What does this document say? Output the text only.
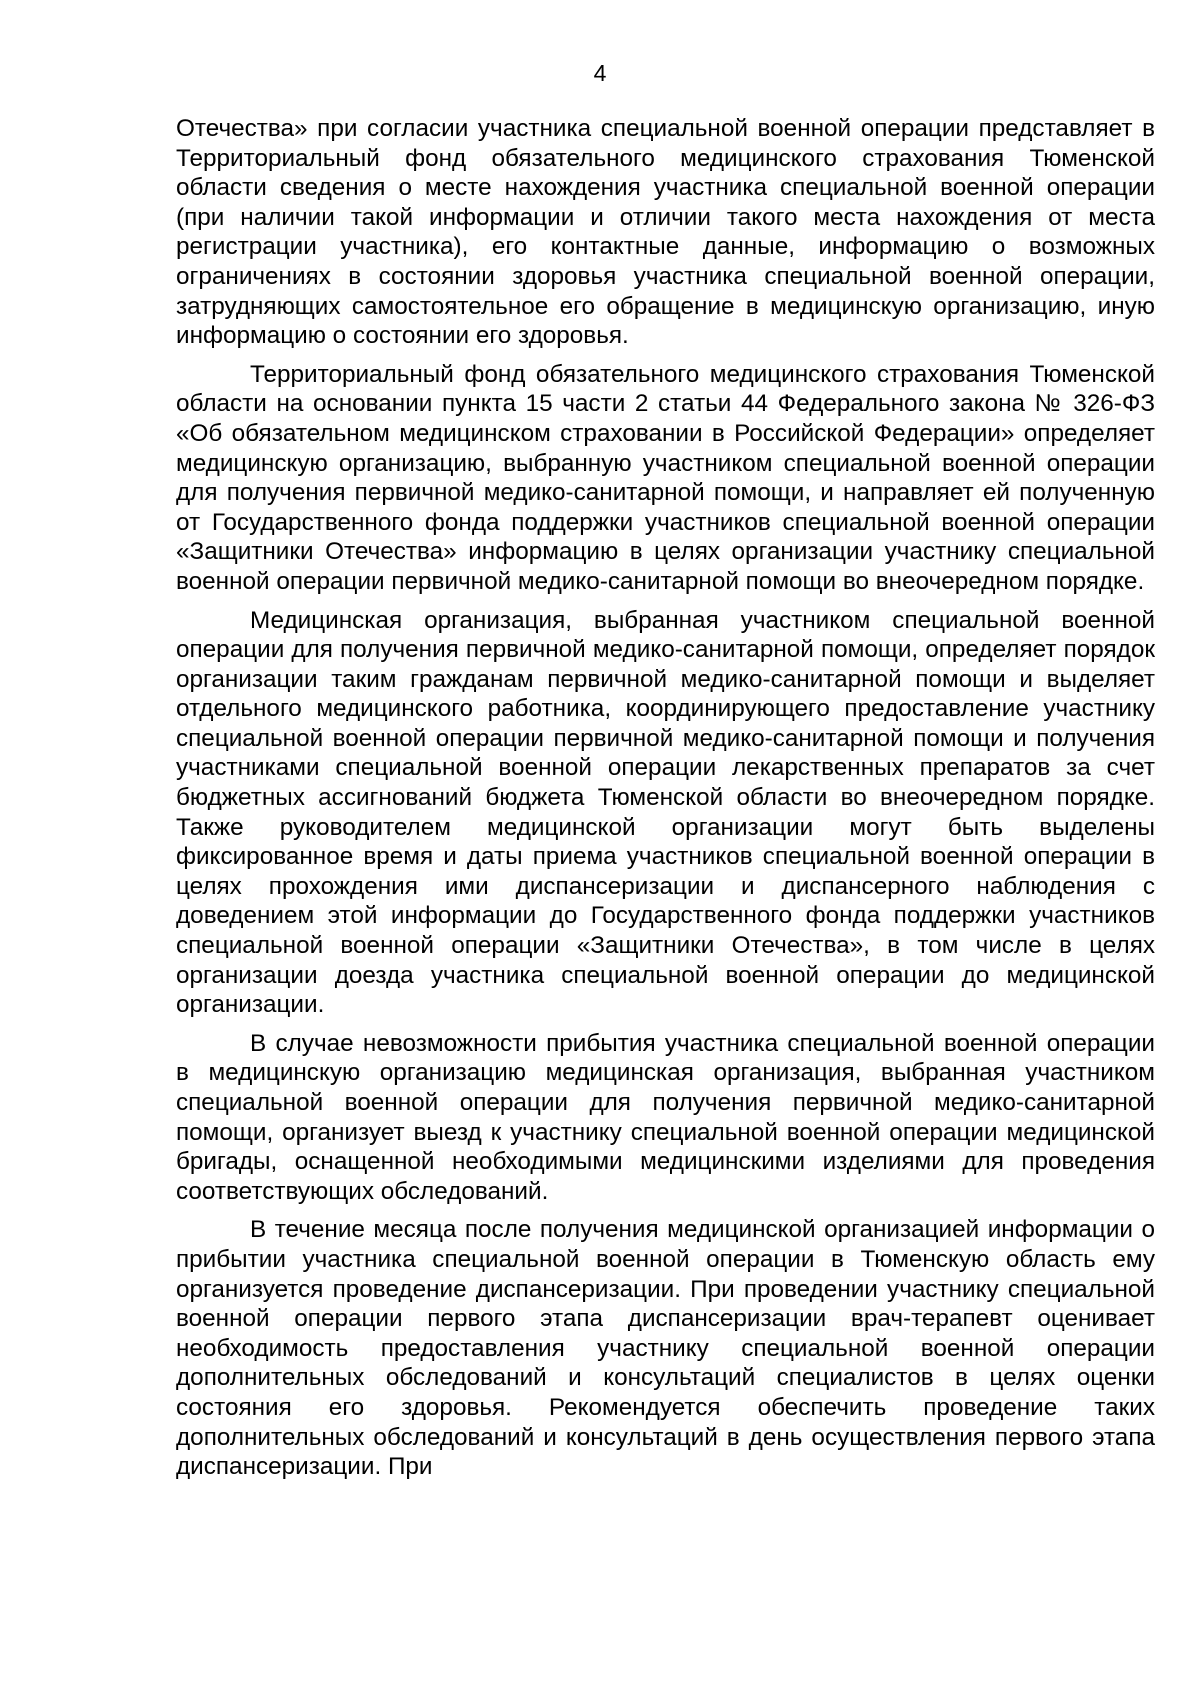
4

Отечества» при согласии участника специальной военной операции представляет в Территориальный фонд обязательного медицинского страхования Тюменской области сведения о месте нахождения участника специальной военной операции (при наличии такой информации и отличии такого места нахождения от места регистрации участника), его контактные данные, информацию о возможных ограничениях в состоянии здоровья участника специальной военной операции, затрудняющих самостоятельное его обращение в медицинскую организацию, иную информацию о состоянии его здоровья.

Территориальный фонд обязательного медицинского страхования Тюменской области на основании пункта 15 части 2 статьи 44 Федерального закона № 326-ФЗ «Об обязательном медицинском страховании в Российской Федерации» определяет медицинскую организацию, выбранную участником специальной военной операции для получения первичной медико-санитарной помощи, и направляет ей полученную от Государственного фонда поддержки участников специальной военной операции «Защитники Отечества» информацию в целях организации участнику специальной военной операции первичной медико-санитарной помощи во внеочередном порядке.

Медицинская организация, выбранная участником специальной военной операции для получения первичной медико-санитарной помощи, определяет порядок организации таким гражданам первичной медико-санитарной помощи и выделяет отдельного медицинского работника, координирующего предоставление участнику специальной военной операции первичной медико-санитарной помощи и получения участниками специальной военной операции лекарственных препаратов за счет бюджетных ассигнований бюджета Тюменской области во внеочередном порядке. Также руководителем медицинской организации могут быть выделены фиксированное время и даты приема участников специальной военной операции в целях прохождения ими диспансеризации и диспансерного наблюдения с доведением этой информации до Государственного фонда поддержки участников специальной военной операции «Защитники Отечества», в том числе в целях организации доезда участника специальной военной операции до медицинской организации.

В случае невозможности прибытия участника специальной военной операции в медицинскую организацию медицинская организация, выбранная участником специальной военной операции для получения первичной медико-санитарной помощи, организует выезд к участнику специальной военной операции медицинской бригады, оснащенной необходимыми медицинскими изделиями для проведения соответствующих обследований.

В течение месяца после получения медицинской организацией информации о прибытии участника специальной военной операции в Тюменскую область ему организуется проведение диспансеризации. При проведении участнику специальной военной операции первого этапа диспансеризации врач-терапевт оценивает необходимость предоставления участнику специальной военной операции дополнительных обследований и консультаций специалистов в целях оценки состояния его здоровья. Рекомендуется обеспечить проведение таких дополнительных обследований и консультаций в день осуществления первого этапа диспансеризации. При
